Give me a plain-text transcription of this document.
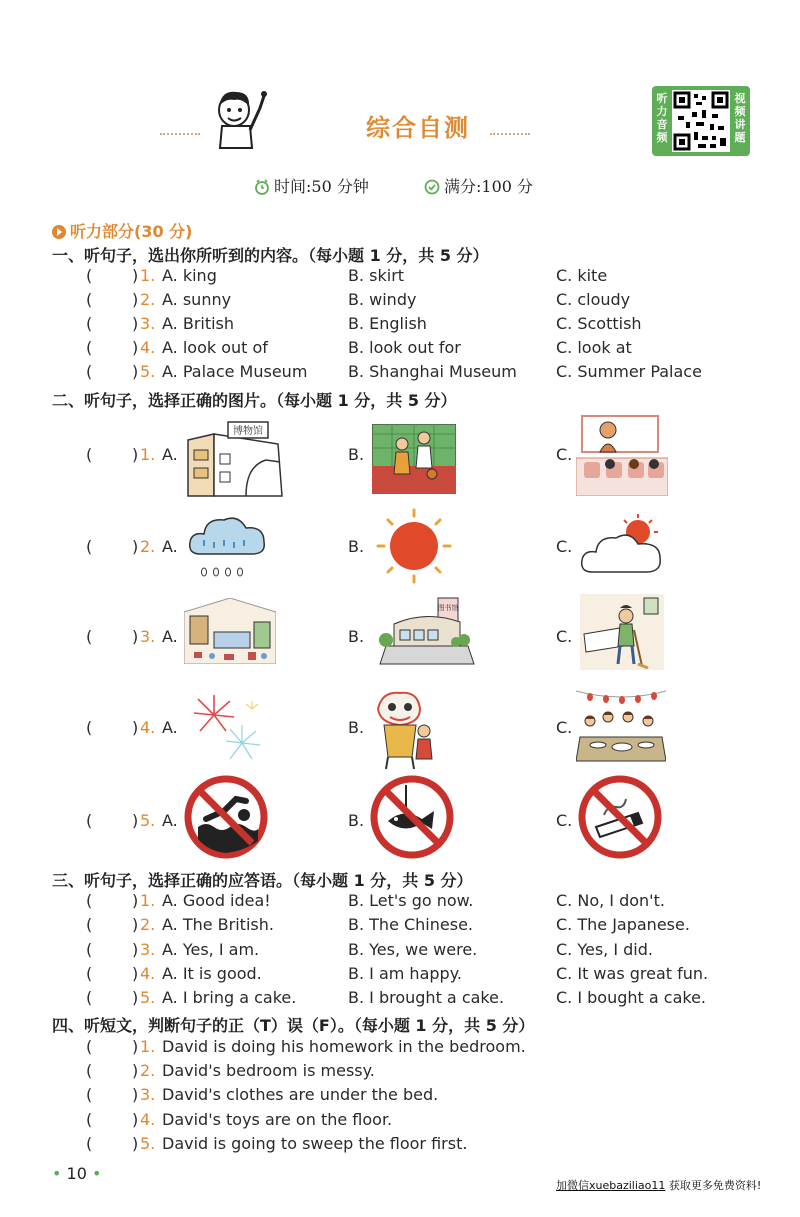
综合自测
听力音频
视频讲题
时间:50 分钟	满分:100 分
听力部分(30 分)
一、听句子，选出你所听到的内容。（每小题 1 分，共 5 分）
( ) 1. A. king	B. skirt	C. kite
( ) 2. A. sunny	B. windy	C. cloudy
( ) 3. A. British	B. English	C. Scottish
( ) 4. A. look out of	B. look out for	C. look at
( ) 5. A. Palace Museum	B. Shanghai Museum C. Summer Palace
二、听句子，选择正确的图片。（每小题 1 分，共 5 分）
( ) 1. A.	B.	C.
博物馆
( ) 2. A.	B.	C.
( ) 3. A.	B.	C.
图书馆
( ) 4. A.	B.	C.
( ) 5. A.	B.	C.
三、听句子，选择正确的应答语。（每小题 1 分，共 5 分）
( ) 1. A. Good idea!	B. Let's go now.	C. No, I don't.
( ) 2. A. The British.	B. The Chinese.	C. The Japanese.
( ) 3. A. Yes, I am.	B. Yes, we were.	C. Yes, I did.
( ) 4. A. It is good.	B. I am happy.	C. It was great fun.
( ) 5. A. I bring a cake.	B. I brought a cake.	C. I bought a cake.
四、听短文，判断句子的正（T）误（F）。（每小题 1 分，共 5 分）
( ) 1. David is doing his homework in the bedroom.
( ) 2. David's bedroom is messy.
( ) 3. David's clothes are under the bed.
( ) 4. David's toys are on the floor.
( ) 5. David is going to sweep the floor first.
• 10 •
加微信xuebaziliao11 获取更多免费资料!
